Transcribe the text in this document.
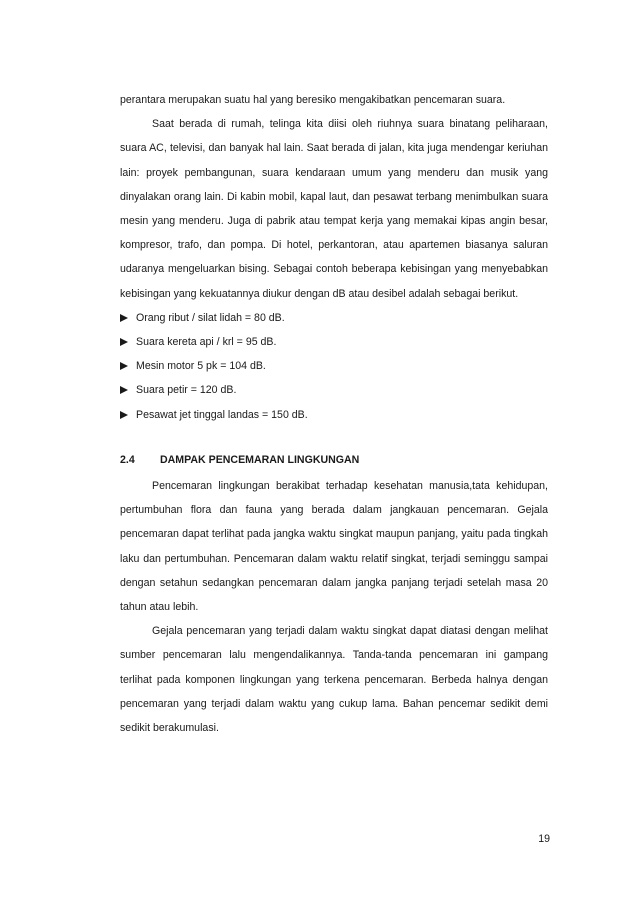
perantara merupakan suatu hal yang beresiko mengakibatkan pencemaran suara.

Saat berada di rumah, telinga kita diisi oleh riuhnya suara binatang peliharaan, suara AC, televisi, dan banyak hal lain. Saat berada di jalan, kita juga mendengar keriuhan lain: proyek pembangunan, suara kendaraan umum yang menderu dan musik yang dinyalakan orang lain. Di kabin mobil, kapal laut, dan pesawat terbang menimbulkan suara mesin yang menderu. Juga di pabrik atau tempat kerja yang memakai kipas angin besar, kompresor, trafo, dan pompa. Di hotel, perkantoran, atau apartemen biasanya saluran udaranya mengeluarkan bising. Sebagai contoh beberapa kebisingan yang menyebabkan kebisingan yang kekuatannya diukur dengan dB atau desibel adalah sebagai berikut.

Orang ribut / silat lidah = 80 dB.
Suara kereta api / krl = 95 dB.
Mesin motor 5 pk = 104 dB.
Suara petir = 120 dB.
Pesawat jet tinggal landas = 150 dB.
2.4	DAMPAK PENCEMARAN LINGKUNGAN

Pencemaran lingkungan berakibat terhadap kesehatan manusia,tata kehidupan, pertumbuhan flora dan fauna yang berada dalam jangkauan pencemaran. Gejala pencemaran dapat terlihat pada jangka waktu singkat maupun panjang, yaitu pada tingkah laku dan pertumbuhan. Pencemaran dalam waktu relatif singkat, terjadi seminggu sampai dengan setahun sedangkan pencemaran dalam jangka panjang terjadi setelah masa 20 tahun atau lebih.

Gejala pencemaran yang terjadi dalam waktu singkat dapat diatasi dengan melihat sumber pencemaran lalu mengendalikannya. Tanda-tanda pencemaran ini gampang terlihat pada komponen lingkungan yang terkena pencemaran. Berbeda halnya dengan pencemaran yang terjadi dalam waktu yang cukup lama. Bahan pencemar sedikit demi sedikit berakumulasi.

19
